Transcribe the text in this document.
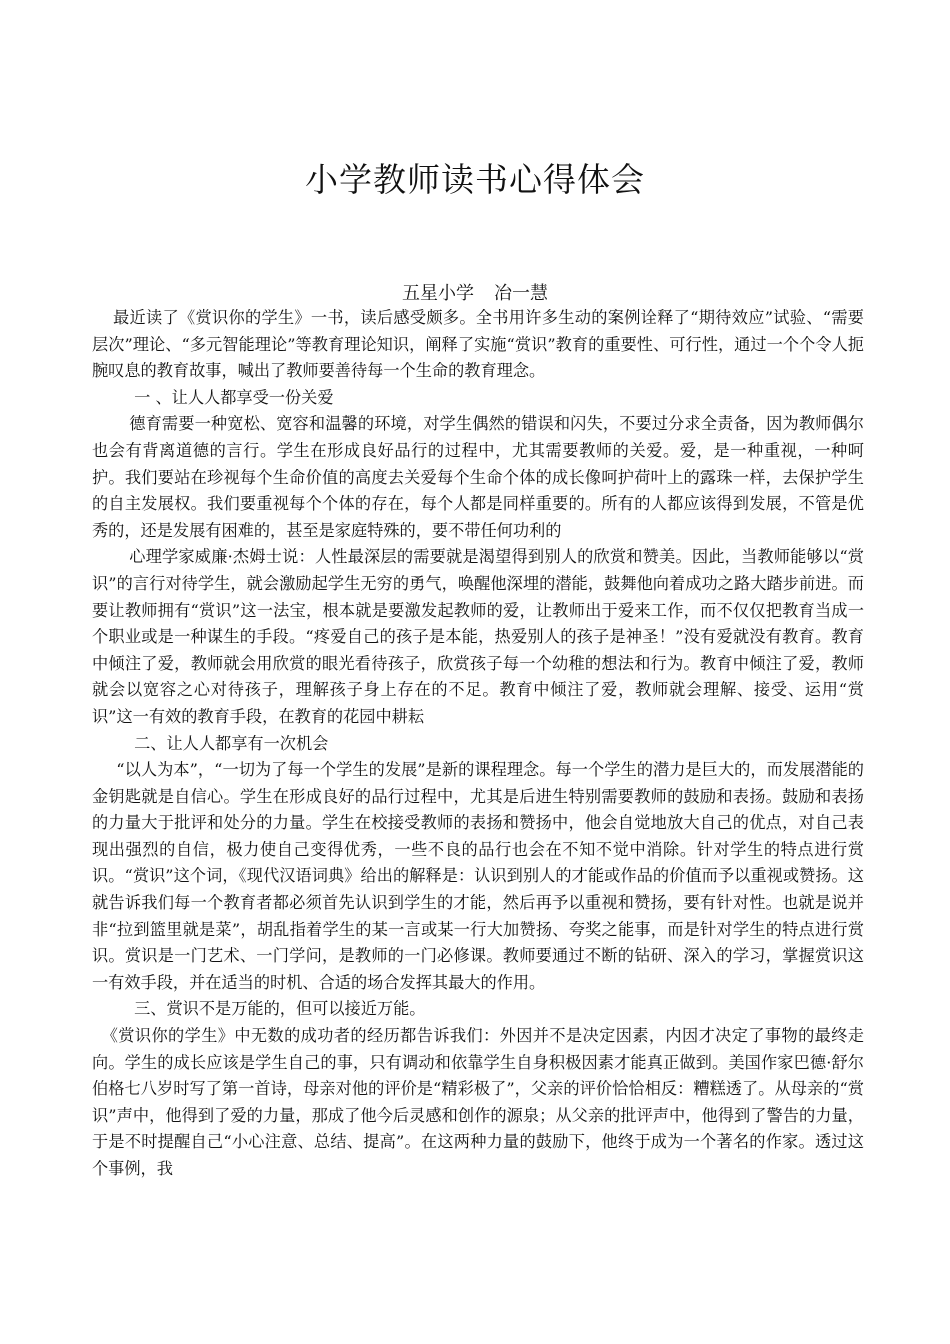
小学教师读书心得体会
五星小学 冶一慧

最近读了《赏识你的学生》一书，读后感受颇多。全书用许多生动的案例诠释了“期待效应”试验、“需要层次”理论、“多元智能理论”等教育理论知识，阐释了实施“赏识”教育的重要性、可行性，通过一个个令人扼腕叹息的教育故事，喊出了教师要善待每一个生命的教育理念。

一 、让人人都享受一份关爱

德育需要一种宽松、宽容和温馨的环境，对学生偶然的错误和闪失，不要过分求全责备，因为教师偶尔也会有背离道德的言行。学生在形成良好品行的过程中，尤其需要教师的关爱。爱，是一种重视，一种呵护。我们要站在珍视每个生命价值的高度去关爱每个生命个体的成长像呵护荷叶上的露珠一样，去保护学生的自主发展权。我们要重视每个个体的存在，每个人都是同样重要的。所有的人都应该得到发展，不管是优秀的，还是发展有困难的，甚至是家庭特殊的，要不带任何功利的

心理学家威廉·杰姆士说：人性最深层的需要就是渴望得到别人的欣赏和赞美。因此，当教师能够以“赏识”的言行对待学生，就会激励起学生无穷的勇气，唤醒他深埋的潜能，鼓舞他向着成功之路大踏步前进。而要让教师拥有“赏识”这一法宝，根本就是要激发起教师的爱，让教师出于爱来工作，而不仅仅把教育当成一个职业或是一种谋生的手段。“疼爱自己的孩子是本能，热爱别人的孩子是神圣！”没有爱就没有教育。教育中倾注了爱，教师就会用欣赏的眼光看待孩子，欣赏孩子每一个幼稚的想法和行为。教育中倾注了爱，教师就会以宽容之心对待孩子，理解孩子身上存在的不足。教育中倾注了爱，教师就会理解、接受、运用“赏识”这一有效的教育手段，在教育的花园中耕耘

二、让人人都享有一次机会

“以人为本”，“一切为了每一个学生的发展”是新的课程理念。每一个学生的潜力是巨大的，而发展潜能的金钥匙就是自信心。学生在形成良好的品行过程中，尤其是后进生特别需要教师的鼓励和表扬。鼓励和表扬的力量大于批评和处分的力量。学生在校接受教师的表扬和赞扬中，他会自觉地放大自己的优点，对自己表现出强烈的自信，极力使自己变得优秀，一些不良的品行也会在不知不觉中消除。针对学生的特点进行赏识。“赏识”这个词，《现代汉语词典》给出的解释是：认识到别人的才能或作品的价值而予以重视或赞扬。这就告诉我们每一个教育者都必须首先认识到学生的才能，然后再予以重视和赞扬，要有针对性。也就是说并非“拉到篮里就是菜”，胡乱指着学生的某一言或某一行大加赞扬、夸奖之能事，而是针对学生的特点进行赏识。赏识是一门艺术、一门学问，是教师的一门必修课。教师要通过不断的钻研、深入的学习，掌握赏识这一有效手段，并在适当的时机、合适的场合发挥其最大的作用。

三、赏识不是万能的，但可以接近万能。

《赏识你的学生》中无数的成功者的经历都告诉我们：外因并不是决定因素，内因才决定了事物的最终走向。学生的成长应该是学生自己的事，只有调动和依靠学生自身积极因素才能真正做到。美国作家巴德·舒尔伯格七八岁时写了第一首诗，母亲对他的评价是“精彩极了”，父亲的评价恰恰相反：糟糕透了。从母亲的“赏识”声中，他得到了爱的力量，那成了他今后灵感和创作的源泉；从父亲的批评声中，他得到了警告的力量，于是不时提醒自己“小心注意、总结、提高”。在这两种力量的鼓励下，他终于成为一个著名的作家。透过这个事例，我
